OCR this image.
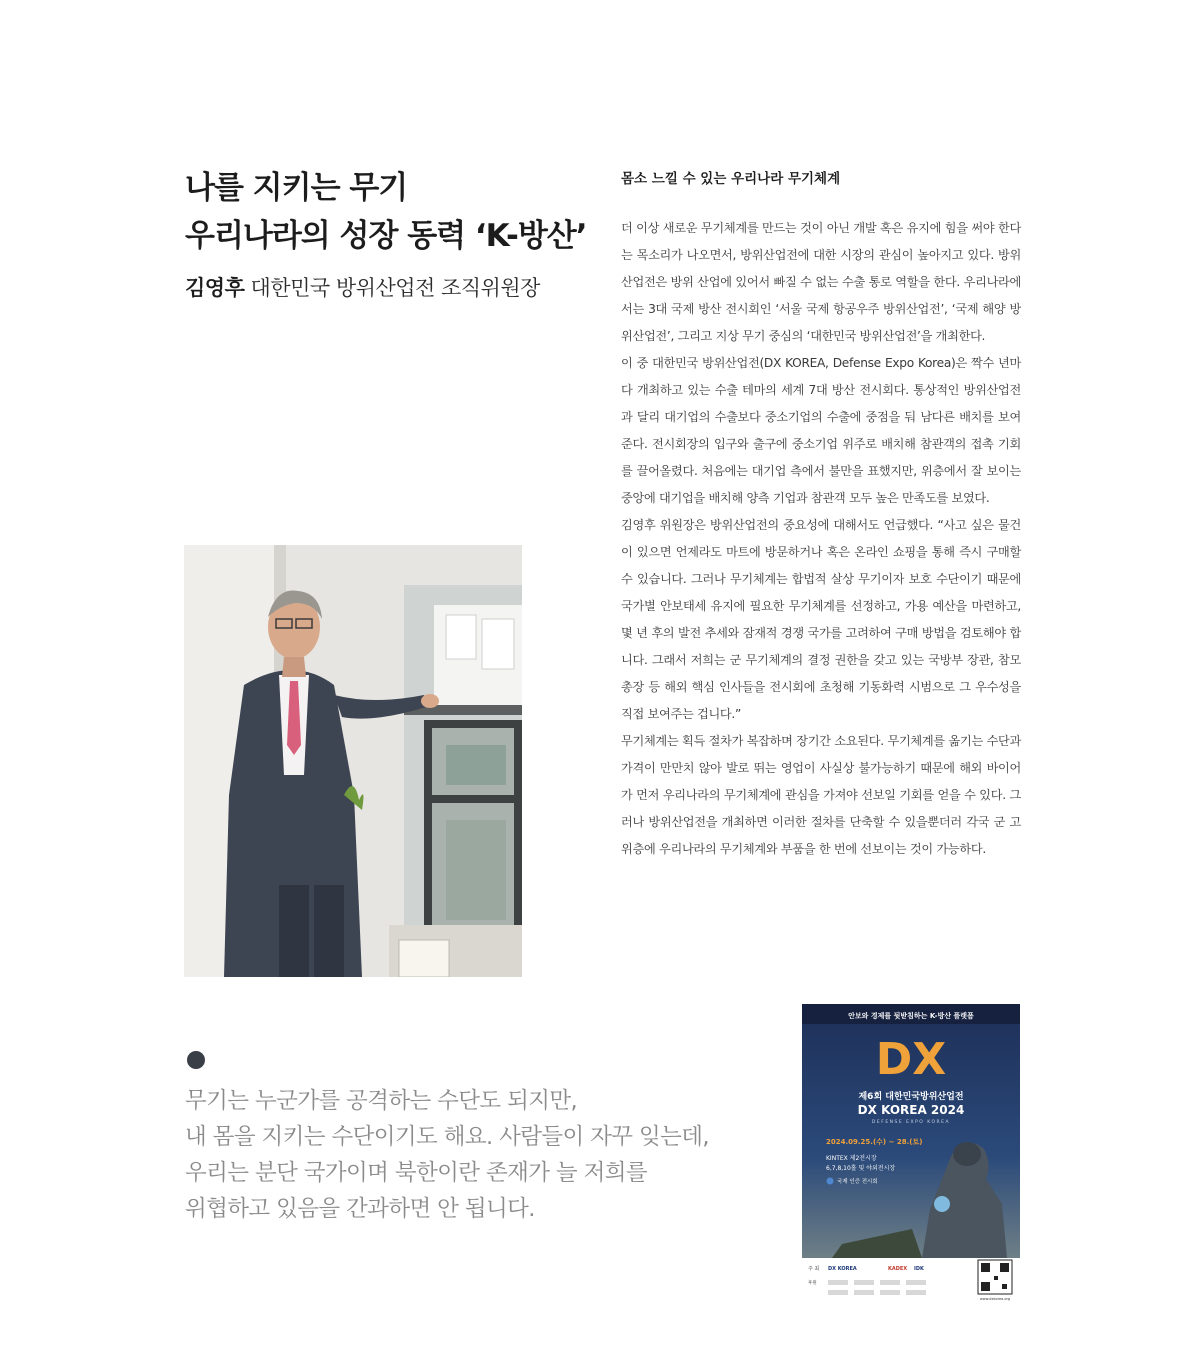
나를 지키는 무기
우리나라의 성장 동력 ‘K-방산’
김영후 대한민국 방위산업전 조직위원장
몸소 느낄 수 있는 우리나라 무기체계

더 이상 새로운 무기체계를 만드는 것이 아닌 개발 혹은 유지에 힘을 써야 한다는 목소리가 나오면서, 방위산업전에 대한 시장의 관심이 높아지고 있다. 방위산업전은 방위 산업에 있어서 빠질 수 없는 수출 통로 역할을 한다. 우리나라에서는 3대 국제 방산 전시회인 ‘서울 국제 항공우주 방위산업전’, ‘국제 해양 방위산업전’, 그리고 지상 무기 중심의 ‘대한민국 방위산업전’을 개최한다.

이 중 대한민국 방위산업전(DX KOREA, Defense Expo Korea)은 짝수 년마다 개최하고 있는 수출 테마의 세계 7대 방산 전시회다. 통상적인 방위산업전과 달리 대기업의 수출보다 중소기업의 수출에 중점을 둬 남다른 배치를 보여준다. 전시회장의 입구와 출구에 중소기업 위주로 배치해 참관객의 접촉 기회를 끌어올렸다. 처음에는 대기업 측에서 불만을 표했지만, 위층에서 잘 보이는 중앙에 대기업을 배치해 양측 기업과 참관객 모두 높은 만족도를 보였다.

김영후 위원장은 방위산업전의 중요성에 대해서도 언급했다. “사고 싶은 물건이 있으면 언제라도 마트에 방문하거나 혹은 온라인 쇼핑을 통해 즉시 구매할 수 있습니다. 그러나 무기체계는 합법적 살상 무기이자 보호 수단이기 때문에 국가별 안보태세 유지에 필요한 무기체계를 선정하고, 가용 예산을 마련하고, 몇 년 후의 발전 추세와 잠재적 경쟁 국가를 고려하여 구매 방법을 검토해야 합니다. 그래서 저희는 군 무기체계의 결정 권한을 갖고 있는 국방부 장관, 참모총장 등 해외 핵심 인사들을 전시회에 초청해 기동화력 시범으로 그 우수성을 직접 보여주는 겁니다.”

무기체계는 획득 절차가 복잡하며 장기간 소요된다. 무기체계를 옮기는 수단과 가격이 만만치 않아 발로 뛰는 영업이 사실상 불가능하기 때문에 해외 바이어가 먼저 우리나라의 무기체계에 관심을 가져야 선보일 기회를 얻을 수 있다. 그러나 방위산업전을 개최하면 이러한 절차를 단축할 수 있을뿐더러 각국 군 고위층에 우리나라의 무기체계와 부품을 한 번에 선보이는 것이 가능하다.

무기는 누군가를 공격하는 수단도 되지만,
내 몸을 지키는 수단이기도 해요. 사람들이 자꾸 잊는데,
우리는 분단 국가이며 북한이란 존재가 늘 저희를
위협하고 있음을 간과하면 안 됩니다.
안보와 경제를 뒷받침하는 K-방산 플랫폼
DX
제6회 대한민국방위산업전
DX KOREA 2024
DEFENSE EXPO KOREA
2024.09.25.(수) ~ 28.(토)
KINTEX 제2전시장
6,7,8,10홀 및 야외전시장
국제 인증 전시회
주 최 DX KOREA	KADEX IDK
후원
www.dxkorea.org
